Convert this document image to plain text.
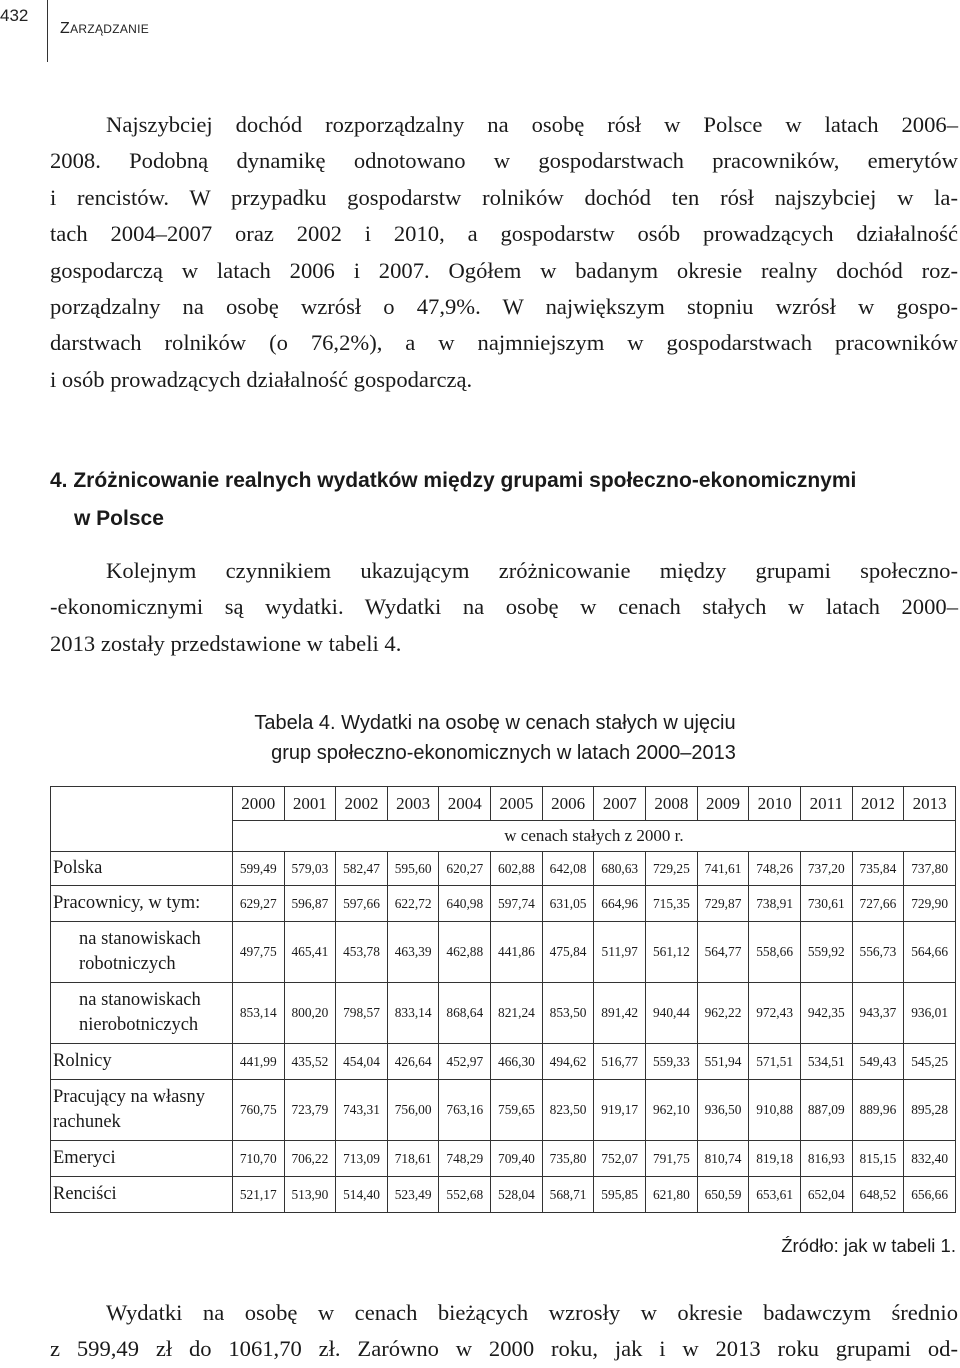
432
ZARZĄDZANIE
Najszybciej dochód rozporządzalny na osobę rósł w Polsce w latach 2006–
2008. Podobną dynamikę odnotowano w gospodarstwach pracowników, emerytów
i rencistów. W przypadku gospodarstw rolników dochód ten rósł najszybciej w la-
tach 2004–2007 oraz 2002 i 2010, a gospodarstw osób prowadzących działalność
gospodarczą w latach 2006 i 2007. Ogółem w badanym okresie realny dochód roz-
porządzalny na osobę wzrósł o 47,9%. W największym stopniu wzrósł w gospo-
darstwach rolników (o 76,2%), a w najmniejszym w gospodarstwach pracowników
i osób prowadzących działalność gospodarczą.
4. Zróżnicowanie realnych wydatków między grupami społeczno-ekonomicznymi
w Polsce
Kolejnym czynnikiem ukazującym zróżnicowanie między grupami społeczno-
-ekonomicznymi są wydatki. Wydatki na osobę w cenach stałych w latach 2000–
2013 zostały przedstawione w tabeli 4.
Tabela 4. Wydatki na osobę w cenach stałych w ujęciu
grup społeczno-ekonomicznych w latach 2000–2013
	2000	2001	2002	2003	2004	2005	2006	2007	2008	2009	2010	2011	2012	2013
	w cenach stałych z 2000 r.													
Polska	599,49	579,03	582,47	595,60	620,27	602,88	642,08	680,63	729,25	741,61	748,26	737,20	735,84	737,80
Pracownicy, w tym:	629,27	596,87	597,66	622,72	640,98	597,74	631,05	664,96	715,35	729,87	738,91	730,61	727,66	729,90
na stanowiskach robotniczych	497,75	465,41	453,78	463,39	462,88	441,86	475,84	511,97	561,12	564,77	558,66	559,92	556,73	564,66
na stanowiskach nierobotniczych	853,14	800,20	798,57	833,14	868,64	821,24	853,50	891,42	940,44	962,22	972,43	942,35	943,37	936,01
Rolnicy	441,99	435,52	454,04	426,64	452,97	466,30	494,62	516,77	559,33	551,94	571,51	534,51	549,43	545,25
Pracujący na własny rachunek	760,75	723,79	743,31	756,00	763,16	759,65	823,50	919,17	962,10	936,50	910,88	887,09	889,96	895,28
Emeryci	710,70	706,22	713,09	718,61	748,29	709,40	735,80	752,07	791,75	810,74	819,18	816,93	815,15	832,40
Renciści	521,17	513,90	514,40	523,49	552,68	528,04	568,71	595,85	621,80	650,59	653,61	652,04	648,52	656,66
Źródło: jak w tabeli 1.
Wydatki na osobę w cenach bieżących wzrosły w okresie badawczym średnio
z 599,49 zł do 1061,70 zł. Zarówno w 2000 roku, jak i w 2013 roku grupami od-
